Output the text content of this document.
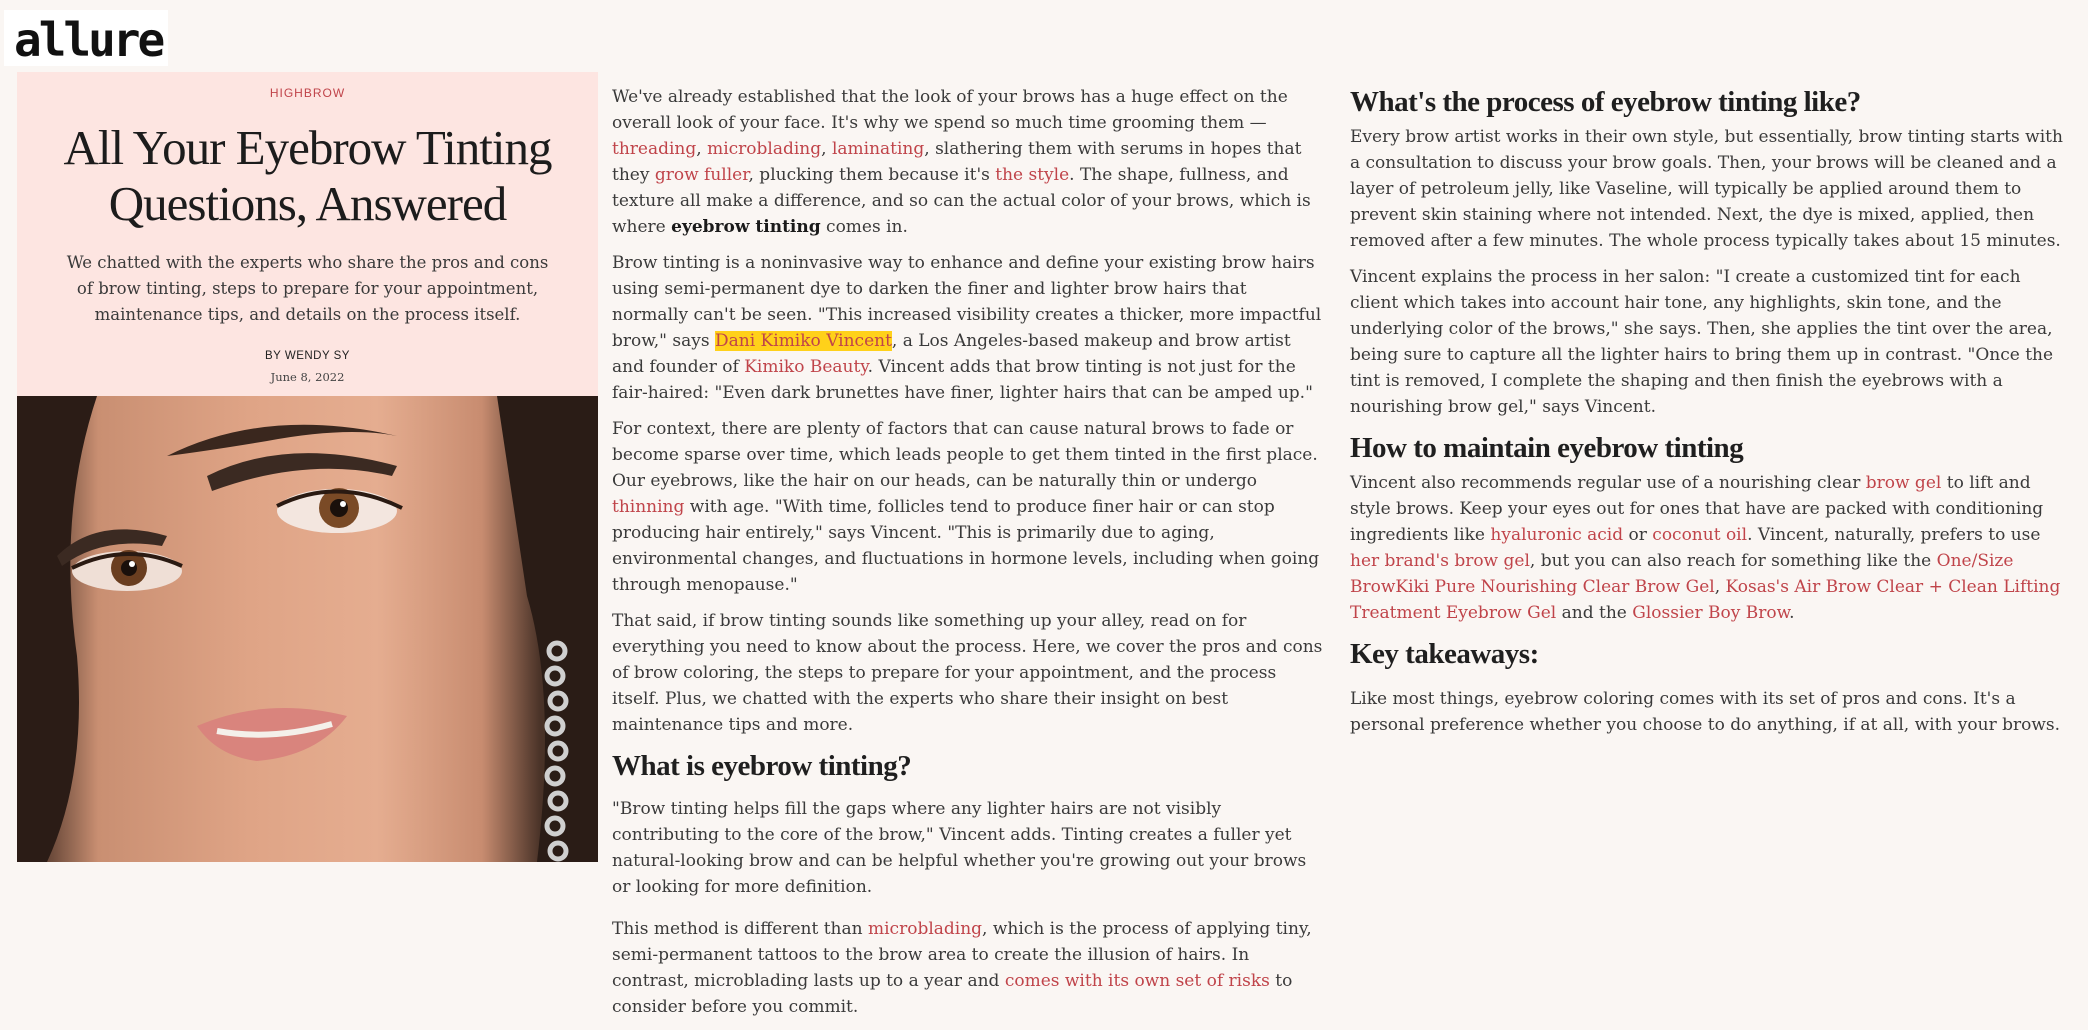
allure
HIGHBROW
All Your Eyebrow Tinting Questions, Answered
We chatted with the experts who share the pros and cons of brow tinting, steps to prepare for your appointment, maintenance tips, and details on the process itself.
BY WENDY SY
June 8, 2022

We've already established that the look of your brows has a huge effect on the overall look of your face. It's why we spend so much time grooming them — threading, microblading, laminating, slathering them with serums in hopes that they grow fuller, plucking them because it's the style. The shape, fullness, and texture all make a difference, and so can the actual color of your brows, which is where eyebrow tinting comes in.

Brow tinting is a noninvasive way to enhance and define your existing brow hairs using semi-permanent dye to darken the finer and lighter brow hairs that normally can't be seen. "This increased visibility creates a thicker, more impactful brow," says Dani Kimiko Vincent, a Los Angeles-based makeup and brow artist and founder of Kimiko Beauty. Vincent adds that brow tinting is not just for the fair-haired: "Even dark brunettes have finer, lighter hairs that can be amped up."

For context, there are plenty of factors that can cause natural brows to fade or become sparse over time, which leads people to get them tinted in the first place. Our eyebrows, like the hair on our heads, can be naturally thin or undergo thinning with age. "With time, follicles tend to produce finer hair or can stop producing hair entirely," says Vincent. "This is primarily due to aging, environmental changes, and fluctuations in hormone levels, including when going through menopause."

That said, if brow tinting sounds like something up your alley, read on for everything you need to know about the process. Here, we cover the pros and cons of brow coloring, the steps to prepare for your appointment, and the process itself. Plus, we chatted with the experts who share their insight on best maintenance tips and more.

What is eyebrow tinting?

"Brow tinting helps fill the gaps where any lighter hairs are not visibly contributing to the core of the brow," Vincent adds. Tinting creates a fuller yet natural-looking brow and can be helpful whether you're growing out your brows or looking for more definition.

This method is different than microblading, which is the process of applying tiny, semi-permanent tattoos to the brow area to create the illusion of hairs. In contrast, microblading lasts up to a year and comes with its own set of risks to consider before you commit.

What's the process of eyebrow tinting like?

Every brow artist works in their own style, but essentially, brow tinting starts with a consultation to discuss your brow goals. Then, your brows will be cleaned and a layer of petroleum jelly, like Vaseline, will typically be applied around them to prevent skin staining where not intended. Next, the dye is mixed, applied, then removed after a few minutes. The whole process typically takes about 15 minutes.

Vincent explains the process in her salon: "I create a customized tint for each client which takes into account hair tone, any highlights, skin tone, and the underlying color of the brows," she says. Then, she applies the tint over the area, being sure to capture all the lighter hairs to bring them up in contrast. "Once the tint is removed, I complete the shaping and then finish the eyebrows with a nourishing brow gel," says Vincent.

How to maintain eyebrow tinting

Vincent also recommends regular use of a nourishing clear brow gel to lift and style brows. Keep your eyes out for ones that have are packed with conditioning ingredients like hyaluronic acid or coconut oil. Vincent, naturally, prefers to use her brand's brow gel, but you can also reach for something like the One/Size BrowKiki Pure Nourishing Clear Brow Gel, Kosas's Air Brow Clear + Clean Lifting Treatment Eyebrow Gel and the Glossier Boy Brow.

Key takeaways:

Like most things, eyebrow coloring comes with its set of pros and cons. It's a personal preference whether you choose to do anything, if at all, with your brows.
